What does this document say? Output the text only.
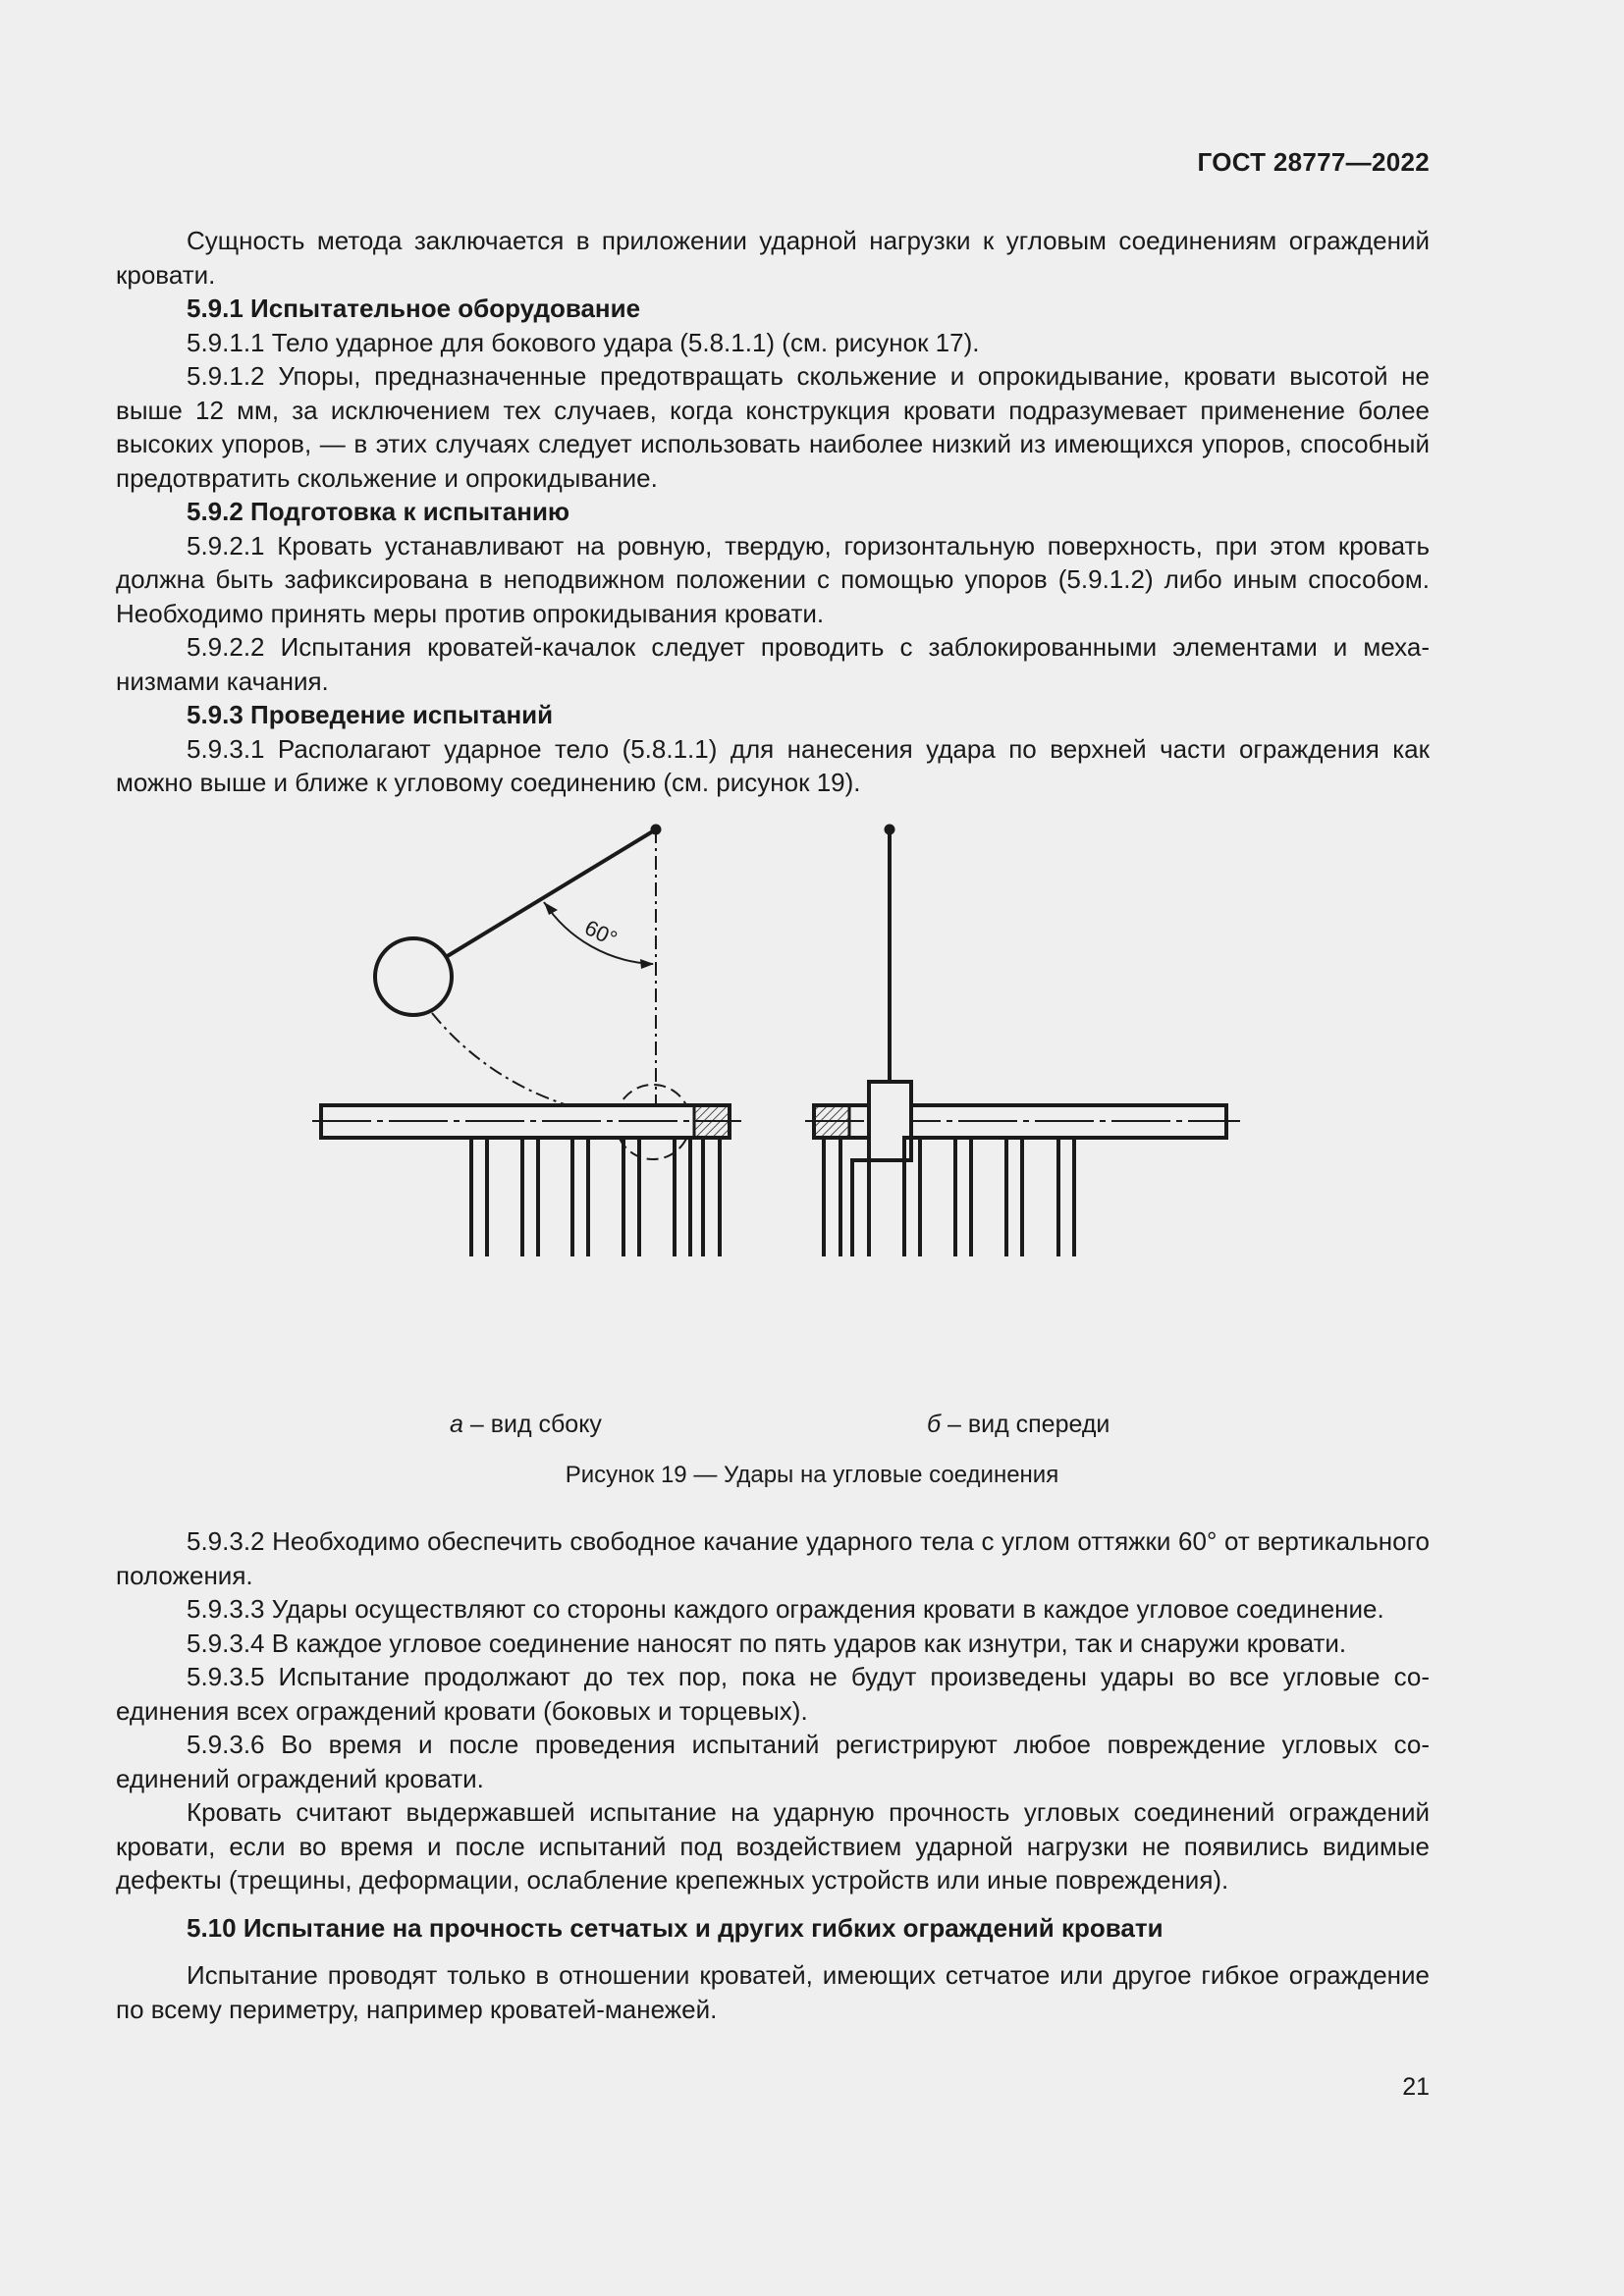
ГОСТ 28777—2022

Сущность метода заключается в приложении ударной нагрузки к угловым соединениям ограждений кровати.

5.9.1 Испытательное оборудование

5.9.1.1 Тело ударное для бокового удара (5.8.1.1) (см. рисунок 17).

5.9.1.2 Упоры, предназначенные предотвращать скольжение и опрокидывание, кровати высотой не выше 12 мм, за исключением тех случаев, когда конструкция кровати подразумевает применение более высоких упоров, — в этих случаях следует использовать наиболее низкий из имеющихся упоров, способный предотвратить скольжение и опрокидывание.

5.9.2 Подготовка к испытанию

5.9.2.1 Кровать устанавливают на ровную, твердую, горизонтальную поверхность, при этом кровать должна быть зафиксирована в неподвижном положении с помощью упоров (5.9.1.2) либо иным способом. Необходимо принять меры против опрокидывания кровати.

5.9.2.2 Испытания кроватей-качалок следует проводить с заблокированными элементами и механизмами качания.

5.9.3 Проведение испытаний

5.9.3.1 Располагают ударное тело (5.8.1.1) для нанесения удара по верхней части ограждения как можно выше и ближе к угловому соединению (см. рисунок 19).

60°
а – вид сбоку	б – вид спереди
Рисунок 19 — Удары на угловые соединения

5.9.3.2 Необходимо обеспечить свободное качание ударного тела с углом оттяжки 60° от вертикального положения.

5.9.3.3 Удары осуществляют со стороны каждого ограждения кровати в каждое угловое соединение.

5.9.3.4 В каждое угловое соединение наносят по пять ударов как изнутри, так и снаружи кровати.

5.9.3.5 Испытание продолжают до тех пор, пока не будут произведены удары во все угловые соединения всех ограждений кровати (боковых и торцевых).

5.9.3.6 Во время и после проведения испытаний регистрируют любое повреждение угловых соединений ограждений кровати.

Кровать считают выдержавшей испытание на ударную прочность угловых соединений ограждений кровати, если во время и после испытаний под воздействием ударной нагрузки не появились видимые дефекты (трещины, деформации, ослабление крепежных устройств или иные повреждения).

5.10 Испытание на прочность сетчатых и других гибких ограждений кровати

Испытание проводят только в отношении кроватей, имеющих сетчатое или другое гибкое ограждение по всему периметру, например кроватей-манежей.

21
